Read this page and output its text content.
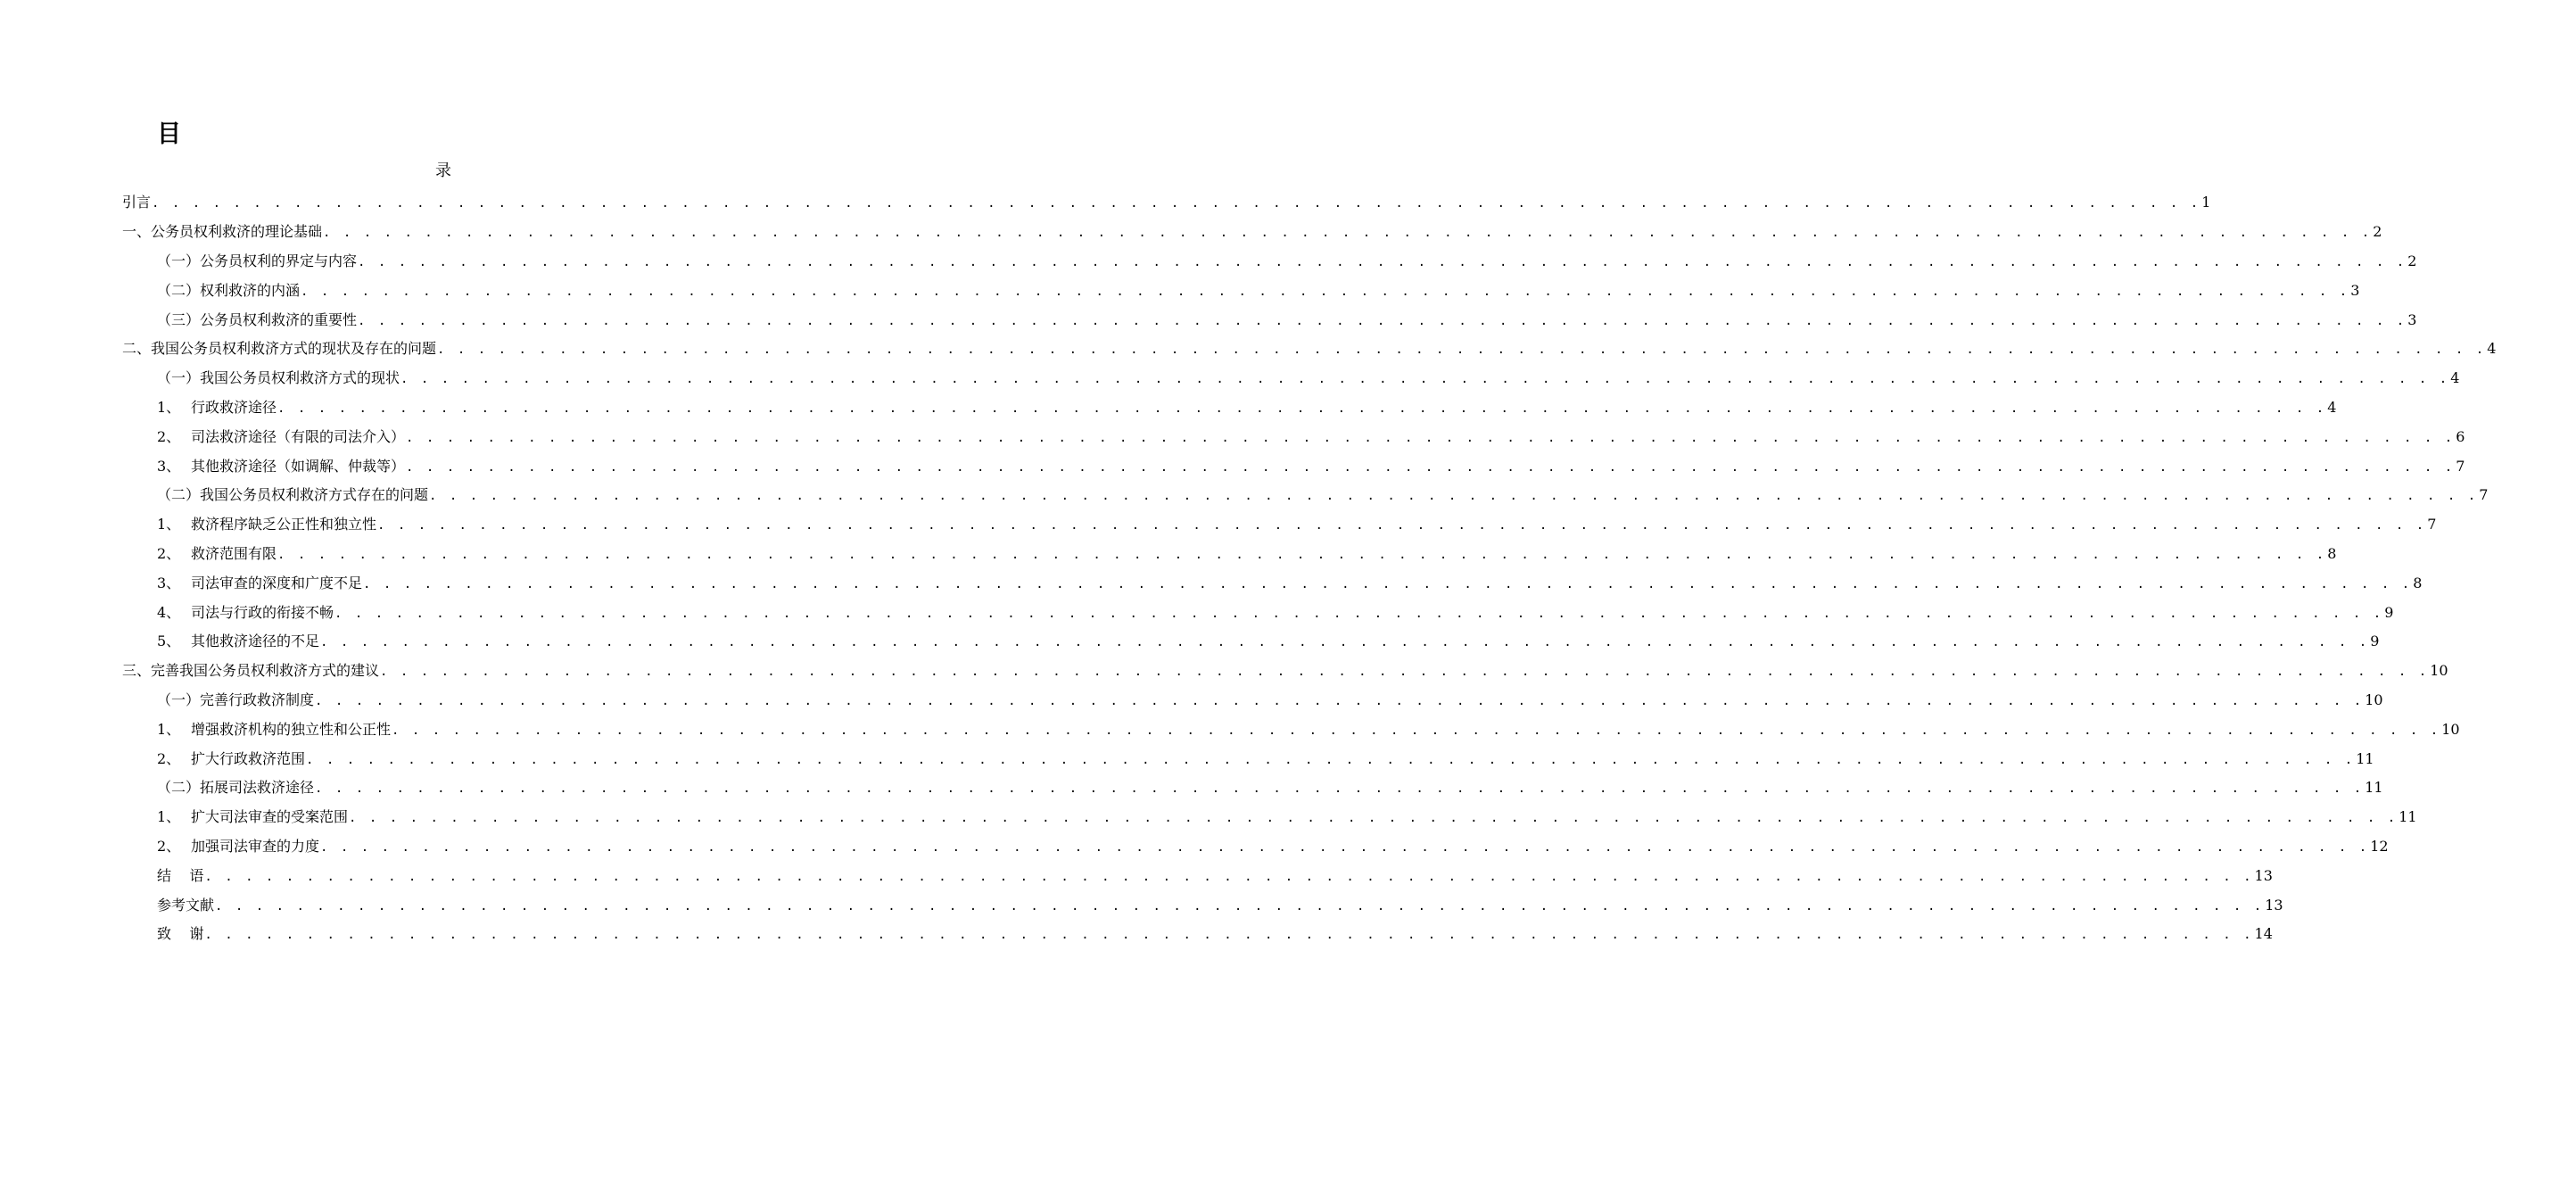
目
录
引言 . . . . . . . . . . . . . . . . . . . . . . . . . . . . . . . . . . . . . . . . . . . . . . . . . . . . . . . . . . . . . . . . . . . . . . . . . . . . . . . . . . . . . . . . . . . . . . . . . . . . . 1
一、公务员权利救济的理论基础 . . . . . . . . . . . . . . . . . . . . . . . . . . . . . . . . . . . . . . . . . . . . . . . . . . . . . . . . . . . . . . . . . . . . . . . . . . . . . . . . . . . . . . . . . . . . . . . . . . . . . 2
（一）公务员权利的界定与内容 . . . . . . . . . . . . . . . . . . . . . . . . . . . . . . . . . . . . . . . . . . . . . . . . . . . . . . . . . . . . . . . . . . . . . . . . . . . . . . . . . . . . . . . . . . . . . . . . . . . . . 2
（二）权利救济的内涵 . . . . . . . . . . . . . . . . . . . . . . . . . . . . . . . . . . . . . . . . . . . . . . . . . . . . . . . . . . . . . . . . . . . . . . . . . . . . . . . . . . . . . . . . . . . . . . . . . . . . . 3
（三）公务员权利救济的重要性 . . . . . . . . . . . . . . . . . . . . . . . . . . . . . . . . . . . . . . . . . . . . . . . . . . . . . . . . . . . . . . . . . . . . . . . . . . . . . . . . . . . . . . . . . . . . . . . . . . . . . 3
二、我国公务员权利救济方式的现状及存在的问题 . . . . . . . . . . . . . . . . . . . . . . . . . . . . . . . . . . . . . . . . . . . . . . . . . . . . . . . . . . . . . . . . . . . . . . . . . . . . . . . . . . . . . . . . . . . . . . . . . . . . . 4
（一）我国公务员权利救济方式的现状 . . . . . . . . . . . . . . . . . . . . . . . . . . . . . . . . . . . . . . . . . . . . . . . . . . . . . . . . . . . . . . . . . . . . . . . . . . . . . . . . . . . . . . . . . . . . . . . . . . . . . 4
1、 行政救济途径 . . . . . . . . . . . . . . . . . . . . . . . . . . . . . . . . . . . . . . . . . . . . . . . . . . . . . . . . . . . . . . . . . . . . . . . . . . . . . . . . . . . . . . . . . . . . . . . . . . . . . 4
2、 司法救济途径（有限的司法介入） . . . . . . . . . . . . . . . . . . . . . . . . . . . . . . . . . . . . . . . . . . . . . . . . . . . . . . . . . . . . . . . . . . . . . . . . . . . . . . . . . . . . . . . . . . . . . . . . . . . . . 6
3、 其他救济途径（如调解、仲裁等） . . . . . . . . . . . . . . . . . . . . . . . . . . . . . . . . . . . . . . . . . . . . . . . . . . . . . . . . . . . . . . . . . . . . . . . . . . . . . . . . . . . . . . . . . . . . . . . . . . . . . 7
（二）我国公务员权利救济方式存在的问题 . . . . . . . . . . . . . . . . . . . . . . . . . . . . . . . . . . . . . . . . . . . . . . . . . . . . . . . . . . . . . . . . . . . . . . . . . . . . . . . . . . . . . . . . . . . . . . . . . . . . . 7
1、 救济程序缺乏公正性和独立性 . . . . . . . . . . . . . . . . . . . . . . . . . . . . . . . . . . . . . . . . . . . . . . . . . . . . . . . . . . . . . . . . . . . . . . . . . . . . . . . . . . . . . . . . . . . . . . . . . . . . . 7
2、 救济范围有限 . . . . . . . . . . . . . . . . . . . . . . . . . . . . . . . . . . . . . . . . . . . . . . . . . . . . . . . . . . . . . . . . . . . . . . . . . . . . . . . . . . . . . . . . . . . . . . . . . . . . . 8
3、 司法审查的深度和广度不足 . . . . . . . . . . . . . . . . . . . . . . . . . . . . . . . . . . . . . . . . . . . . . . . . . . . . . . . . . . . . . . . . . . . . . . . . . . . . . . . . . . . . . . . . . . . . . . . . . . . . . 8
4、 司法与行政的衔接不畅 . . . . . . . . . . . . . . . . . . . . . . . . . . . . . . . . . . . . . . . . . . . . . . . . . . . . . . . . . . . . . . . . . . . . . . . . . . . . . . . . . . . . . . . . . . . . . . . . . . . . . 9
5、 其他救济途径的不足 . . . . . . . . . . . . . . . . . . . . . . . . . . . . . . . . . . . . . . . . . . . . . . . . . . . . . . . . . . . . . . . . . . . . . . . . . . . . . . . . . . . . . . . . . . . . . . . . . . . . . 9
三、完善我国公务员权利救济方式的建议 . . . . . . . . . . . . . . . . . . . . . . . . . . . . . . . . . . . . . . . . . . . . . . . . . . . . . . . . . . . . . . . . . . . . . . . . . . . . . . . . . . . . . . . . . . . . . . . . . . . . . 10
（一）完善行政救济制度 . . . . . . . . . . . . . . . . . . . . . . . . . . . . . . . . . . . . . . . . . . . . . . . . . . . . . . . . . . . . . . . . . . . . . . . . . . . . . . . . . . . . . . . . . . . . . . . . . . . . . 10
1、 增强救济机构的独立性和公正性 . . . . . . . . . . . . . . . . . . . . . . . . . . . . . . . . . . . . . . . . . . . . . . . . . . . . . . . . . . . . . . . . . . . . . . . . . . . . . . . . . . . . . . . . . . . . . . . . . . . . . 10
2、 扩大行政救济范围 . . . . . . . . . . . . . . . . . . . . . . . . . . . . . . . . . . . . . . . . . . . . . . . . . . . . . . . . . . . . . . . . . . . . . . . . . . . . . . . . . . . . . . . . . . . . . . . . . . . . . 11
（二）拓展司法救济途径 . . . . . . . . . . . . . . . . . . . . . . . . . . . . . . . . . . . . . . . . . . . . . . . . . . . . . . . . . . . . . . . . . . . . . . . . . . . . . . . . . . . . . . . . . . . . . . . . . . . . . 11
1、 扩大司法审查的受案范围 . . . . . . . . . . . . . . . . . . . . . . . . . . . . . . . . . . . . . . . . . . . . . . . . . . . . . . . . . . . . . . . . . . . . . . . . . . . . . . . . . . . . . . . . . . . . . . . . . . . . . 11
2、 加强司法审查的力度 . . . . . . . . . . . . . . . . . . . . . . . . . . . . . . . . . . . . . . . . . . . . . . . . . . . . . . . . . . . . . . . . . . . . . . . . . . . . . . . . . . . . . . . . . . . . . . . . . . . . . 12
结    语 . . . . . . . . . . . . . . . . . . . . . . . . . . . . . . . . . . . . . . . . . . . . . . . . . . . . . . . . . . . . . . . . . . . . . . . . . . . . . . . . . . . . . . . . . . . . . . . . . . . . . 13
参考文献 . . . . . . . . . . . . . . . . . . . . . . . . . . . . . . . . . . . . . . . . . . . . . . . . . . . . . . . . . . . . . . . . . . . . . . . . . . . . . . . . . . . . . . . . . . . . . . . . . . . . . 13
致    谢 . . . . . . . . . . . . . . . . . . . . . . . . . . . . . . . . . . . . . . . . . . . . . . . . . . . . . . . . . . . . . . . . . . . . . . . . . . . . . . . . . . . . . . . . . . . . . . . . . . . . . 14
